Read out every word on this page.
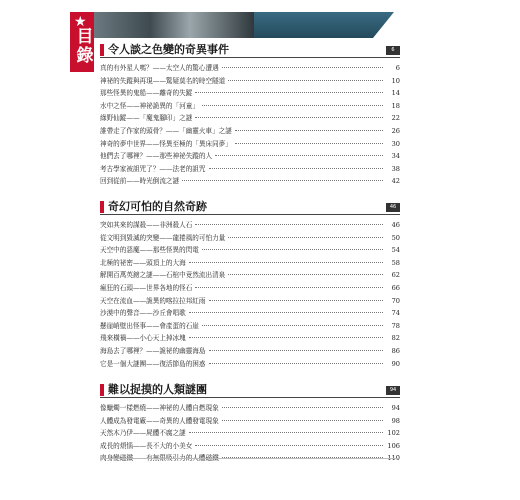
★
目錄	令人談之色變的奇異事件	6
真的有外星人嗎？——太空人的驚心遭遇	6
神祕的失蹤與再現——驚疑莫名的時空隧道	10
那些怪異的鬼船——離奇的失蹤	14
水中之怪——神祕詭異的「河童」	18
綠野仙蹤——「魔鬼腳印」之謎	22
誰帶走了作家的頭骨？——「幽靈火車」之謎	26
神奇的夢中世界——怪異至極的「異床同夢」	30
他們去了哪裡？——那些神祕失蹤的人	34
考古學家被詛咒了？——法老的詛咒	38
回到從前——時光倒流之謎	42
奇幻可怕的自然奇跡	46
突如其來的謀殺——非洲殺人石	46
從文明到毀滅的突變——龍捲風的可怕力量	50
天空中的惡魔——那些怪異的閃電	54
北極的祕密——頭頂上的大海	58
解開百萬英鎊之謎——石棺中竟然流出清泉	62
瘋狂的石頭——世界各地的怪石	66
天空在流血——詭異的喀拉拉邦紅雨	70
沙漠中的聲音——沙丘會唱歌	74
懸崖峭壁出怪事——會產蛋的石崖	78
飛來橫禍——小心天上掉冰塊	82
海島去了哪裡？——詭祕的幽靈海島	86
它是一個大謎團——復活節島的困惑	90
難以捉摸的人類謎團	94
像蠟燭一樣燃燒——神祕的人體自燃現象	94
人體成為發電廠——奇異的人體發電現象	98
天然木乃伊——屍體不腐之謎	102
成長的煩惱——長不大的小美女	106
肉身變磁鐵——有無限吸引力的人體磁鐵	110
